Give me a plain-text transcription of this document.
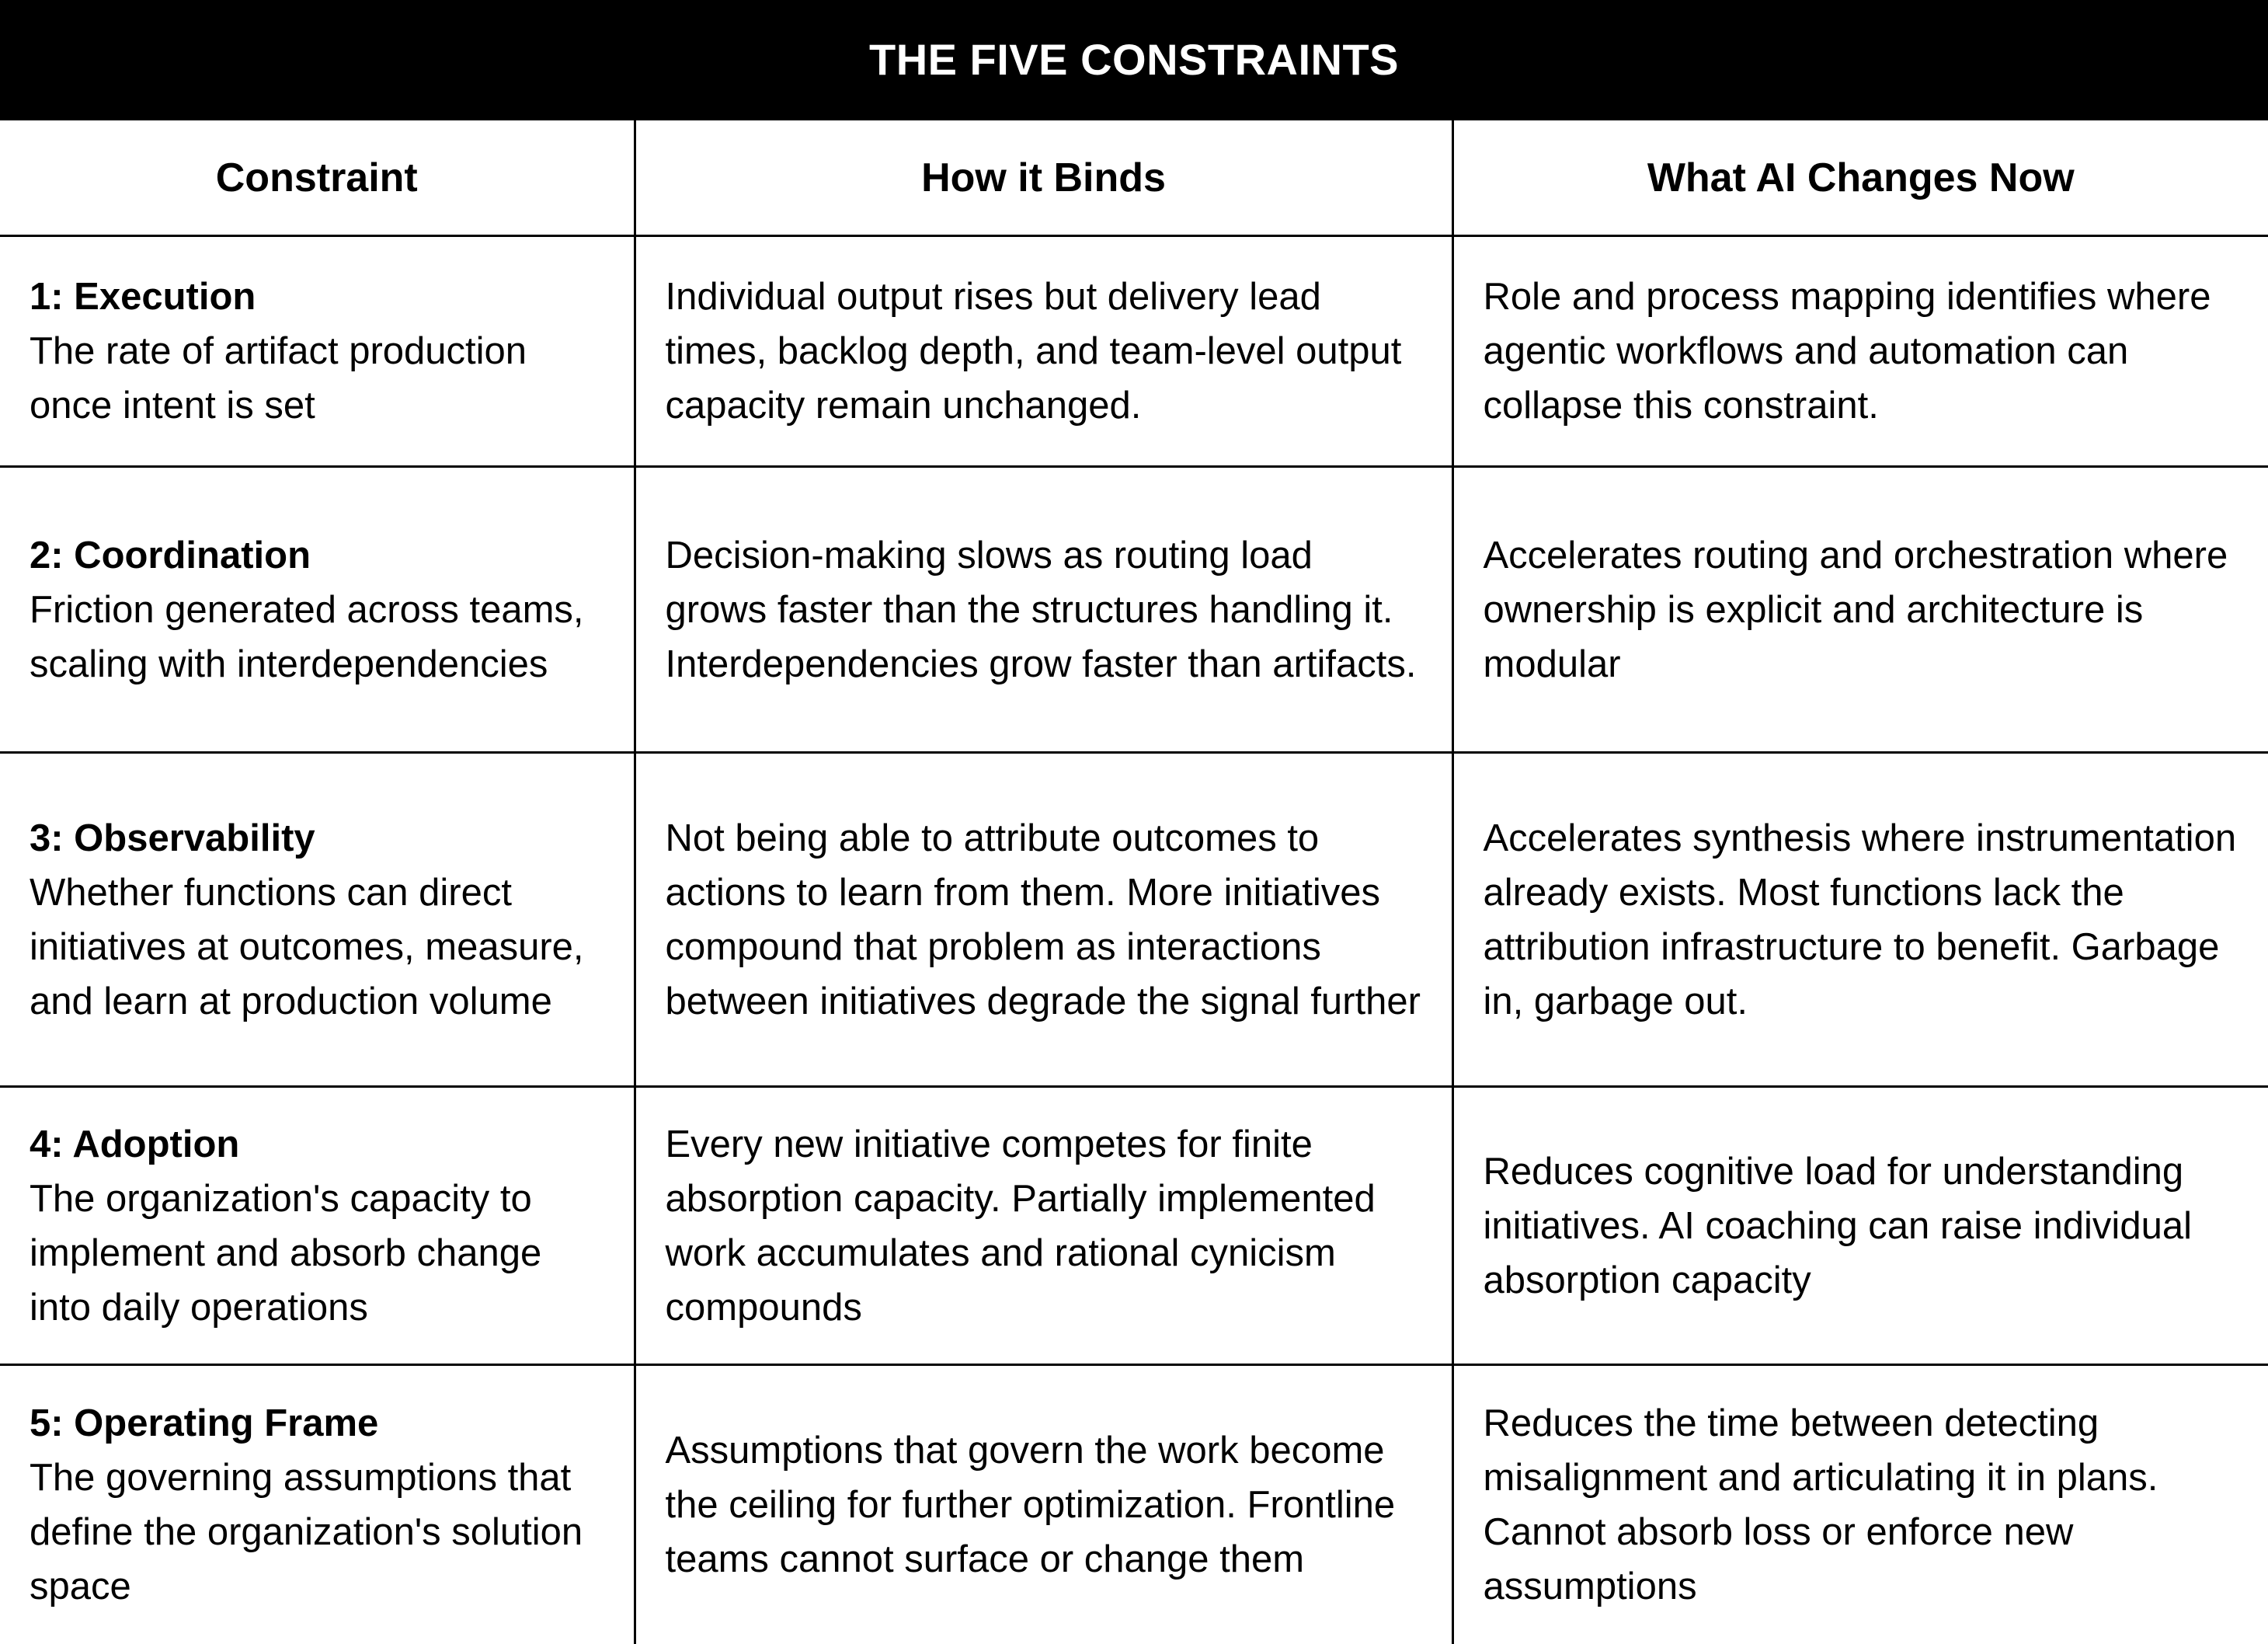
THE FIVE CONSTRAINTS
Constraint	How it Binds	What AI Changes Now

1: Execution
The rate of artifact production once intent is set	Individual output rises but delivery lead times, backlog depth, and team-level output capacity remain unchanged.	Role and process mapping identifies where agentic workflows and automation can collapse this constraint.

2: Coordination
Friction generated across teams, scaling with interdependencies	Decision-making slows as routing load grows faster than the structures handling it. Interdependencies grow faster than artifacts.	Accelerates routing and orchestration where ownership is explicit and architecture is modular

3: Observability
Whether functions can direct initiatives at outcomes, measure, and learn at production volume	Not being able to attribute outcomes to actions to learn from them. More initiatives compound that problem as interactions between initiatives degrade the signal further	Accelerates synthesis where instrumentation already exists. Most functions lack the attribution infrastructure to benefit. Garbage in, garbage out.

4: Adoption
The organization's capacity to implement and absorb change into daily operations	Every new initiative competes for finite absorption capacity. Partially implemented work accumulates and rational cynicism compounds	Reduces cognitive load for understanding initiatives. AI coaching can raise individual absorption capacity

5: Operating Frame
The governing assumptions that define the organization's solution space	Assumptions that govern the work become the ceiling for further optimization. Frontline teams cannot surface or change them	Reduces the time between detecting misalignment and articulating it in plans. Cannot absorb loss or enforce new assumptions
